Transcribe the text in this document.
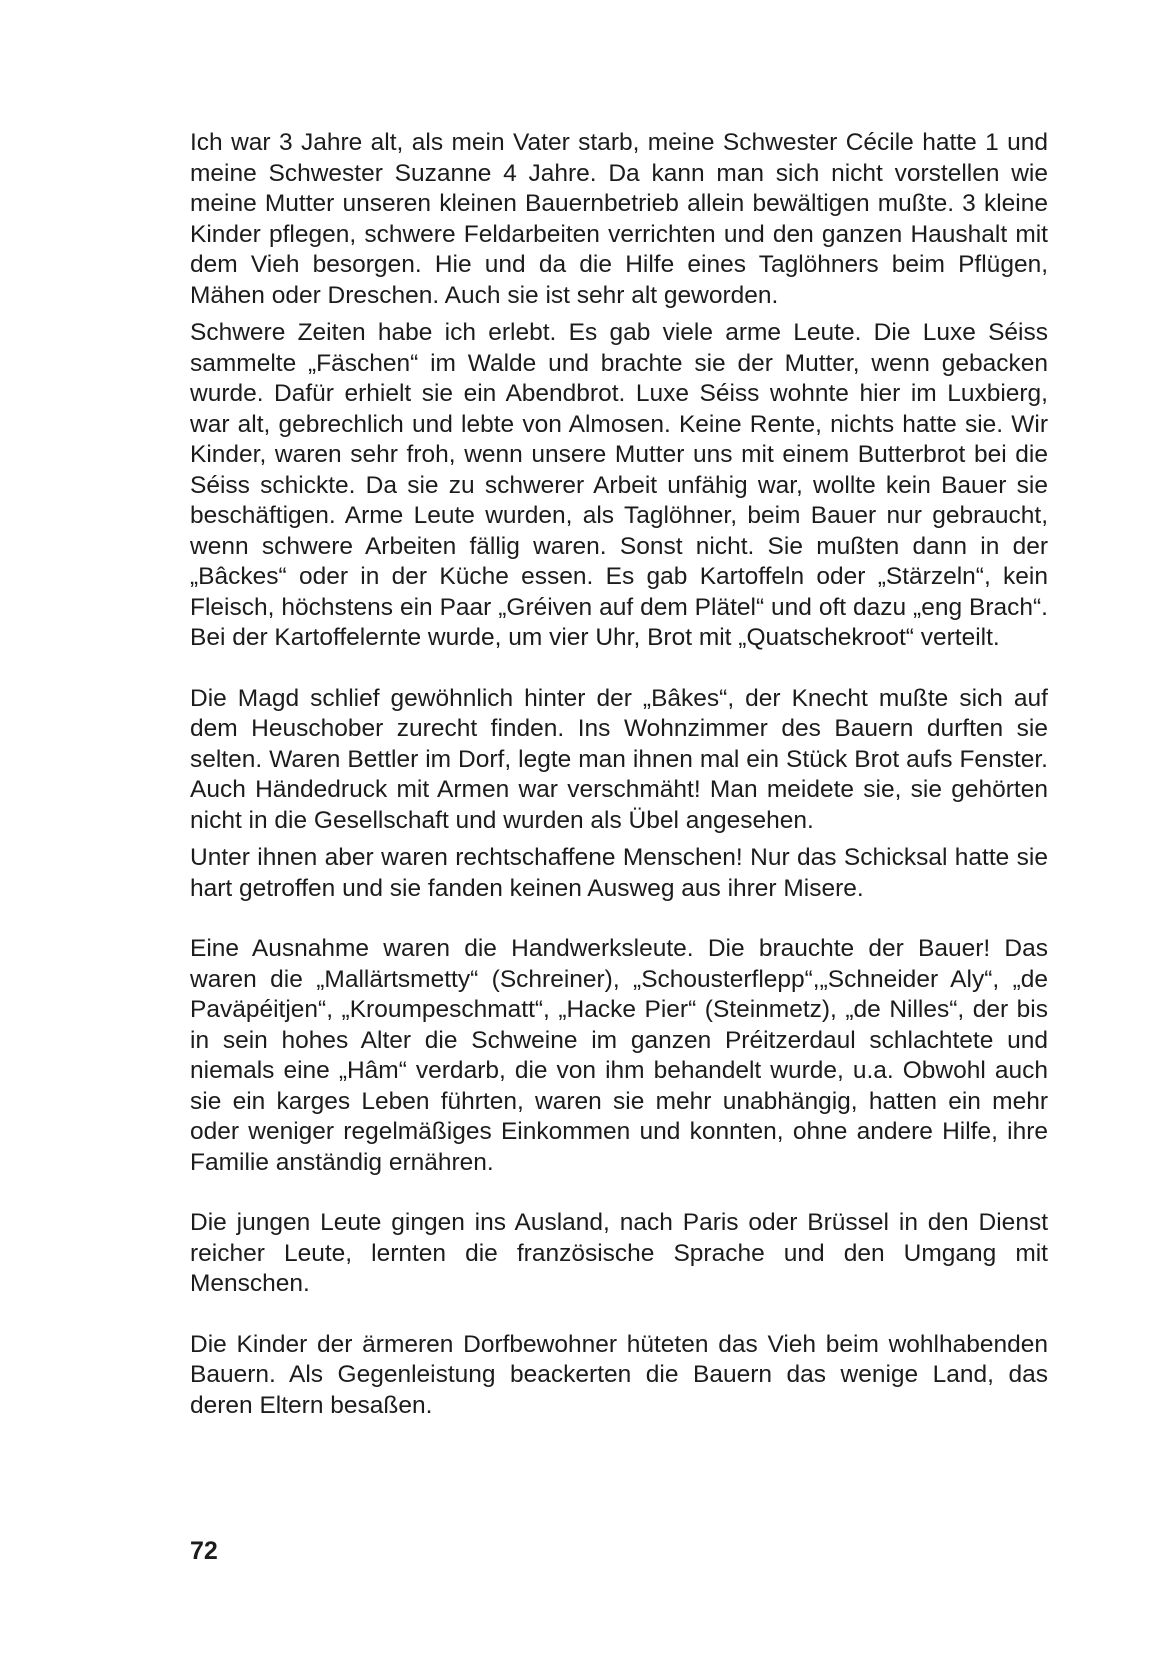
Ich war 3 Jahre alt, als mein Vater starb, meine Schwester Cécile hatte 1 und meine Schwester Suzanne 4 Jahre. Da kann man sich nicht vorstellen wie meine Mutter unseren kleinen Bauernbetrieb allein bewältigen mußte. 3 kleine Kinder pflegen, schwere Feldarbeiten verrichten und den ganzen Haushalt mit dem Vieh besorgen. Hie und da die Hilfe eines Taglöhners beim Pflügen, Mähen oder Dreschen. Auch sie ist sehr alt geworden.

Schwere Zeiten habe ich erlebt. Es gab viele arme Leute. Die Luxe Séiss sammelte „Fäschen“ im Walde und brachte sie der Mutter, wenn gebacken wurde. Dafür erhielt sie ein Abendbrot. Luxe Séiss wohnte hier im Luxbierg, war alt, gebrechlich und lebte von Almosen. Keine Rente, nichts hatte sie. Wir Kinder, waren sehr froh, wenn unsere Mutter uns mit einem Butterbrot bei die Séiss schickte. Da sie zu schwerer Arbeit unfähig war, wollte kein Bauer sie beschäftigen. Arme Leute wurden, als Taglöhner, beim Bauer nur gebraucht, wenn schwere Arbeiten fällig waren. Sonst nicht. Sie mußten dann in der „Bâckes“ oder in der Küche essen. Es gab Kartoffeln oder „Stärzeln“, kein Fleisch, höchstens ein Paar „Gréiven auf dem Plätel“ und oft dazu „eng Brach“. Bei der Kartoffelernte wurde, um vier Uhr, Brot mit „Quatschekroot“ verteilt.

Die Magd schlief gewöhnlich hinter der „Bâkes“, der Knecht mußte sich auf dem Heuschober zurecht finden. Ins Wohnzimmer des Bauern durften sie selten. Waren Bettler im Dorf, legte man ihnen mal ein Stück Brot aufs Fenster. Auch Händedruck mit Armen war verschmäht! Man meidete sie, sie gehörten nicht in die Gesellschaft und wurden als Übel angesehen.

Unter ihnen aber waren rechtschaffene Menschen! Nur das Schicksal hatte sie hart getroffen und sie fanden keinen Ausweg aus ihrer Misere.

Eine Ausnahme waren die Handwerksleute. Die brauchte der Bauer! Das waren die „Mallärtsmetty“ (Schreiner), „Schousterflepp“,„Schneider Aly“, „de Paväpéitjen“, „Kroumpeschmatt“, „Hacke Pier“ (Steinmetz), „de Nilles“, der bis in sein hohes Alter die Schweine im ganzen Préitzerdaul schlachtete und niemals eine „Hâm“ verdarb, die von ihm behandelt wurde, u.a. Obwohl auch sie ein karges Leben führten, waren sie mehr unabhängig, hatten ein mehr oder weniger regelmäßiges Einkommen und konnten, ohne andere Hilfe, ihre Familie anständig ernähren.

Die jungen Leute gingen ins Ausland, nach Paris oder Brüssel in den Dienst reicher Leute, lernten die französische Sprache und den Umgang mit Menschen.

Die Kinder der ärmeren Dorfbewohner hüteten das Vieh beim wohlhabenden Bauern. Als Gegenleistung beackerten die Bauern das wenige Land, das deren Eltern besaßen.

72
